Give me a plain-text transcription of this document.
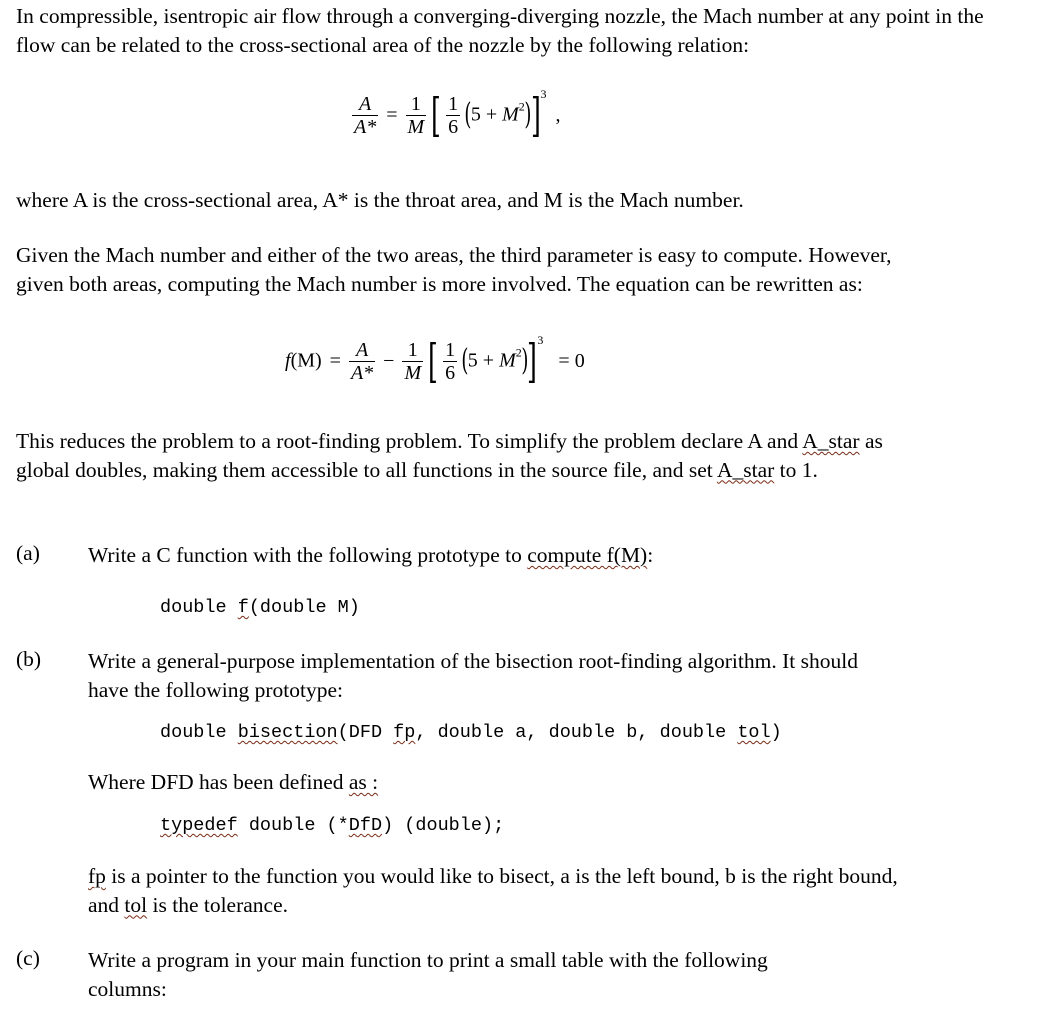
In compressible, isentropic air flow through a converging-diverging nozzle, the Mach number at any point in the flow can be related to the cross-sectional area of the nozzle by the following relation:

$\frac{A}{A*} = \frac{1}{M}$ [ $\frac{1}{6} (5 + M^2)]^3$ ,

where A is the cross-sectional area, A* is the throat area, and M is the Mach number.

Given the Mach number and either of the two areas, the third parameter is easy to compute. However, given both areas, computing the Mach number is more involved. The equation can be rewritten as:

$f(M) = \frac{A}{A*} - \frac{1}{M}$ [ $\frac{1}{6} (5 + M^2)]^3 = 0$

This reduces the problem to a root-finding problem. To simplify the problem declare A and A_star as global doubles, making them accessible to all functions in the source file, and set A_star to 1.

(a) Write a C function with the following prototype to compute f(M):

double f(double M)
(b) Write a general-purpose implementation of the bisection root-finding algorithm. It should have the following prototype:

double bisection(DFD fp, double a, double b, double tol)

Where DFD has been defined as :

typedef double (*DfD) (double);

fp is a pointer to the function you would like to bisect, a is the left bound, b is the right bound, and tol is the tolerance.

(c) Write a program in your main function to print a small table with the following columns:
